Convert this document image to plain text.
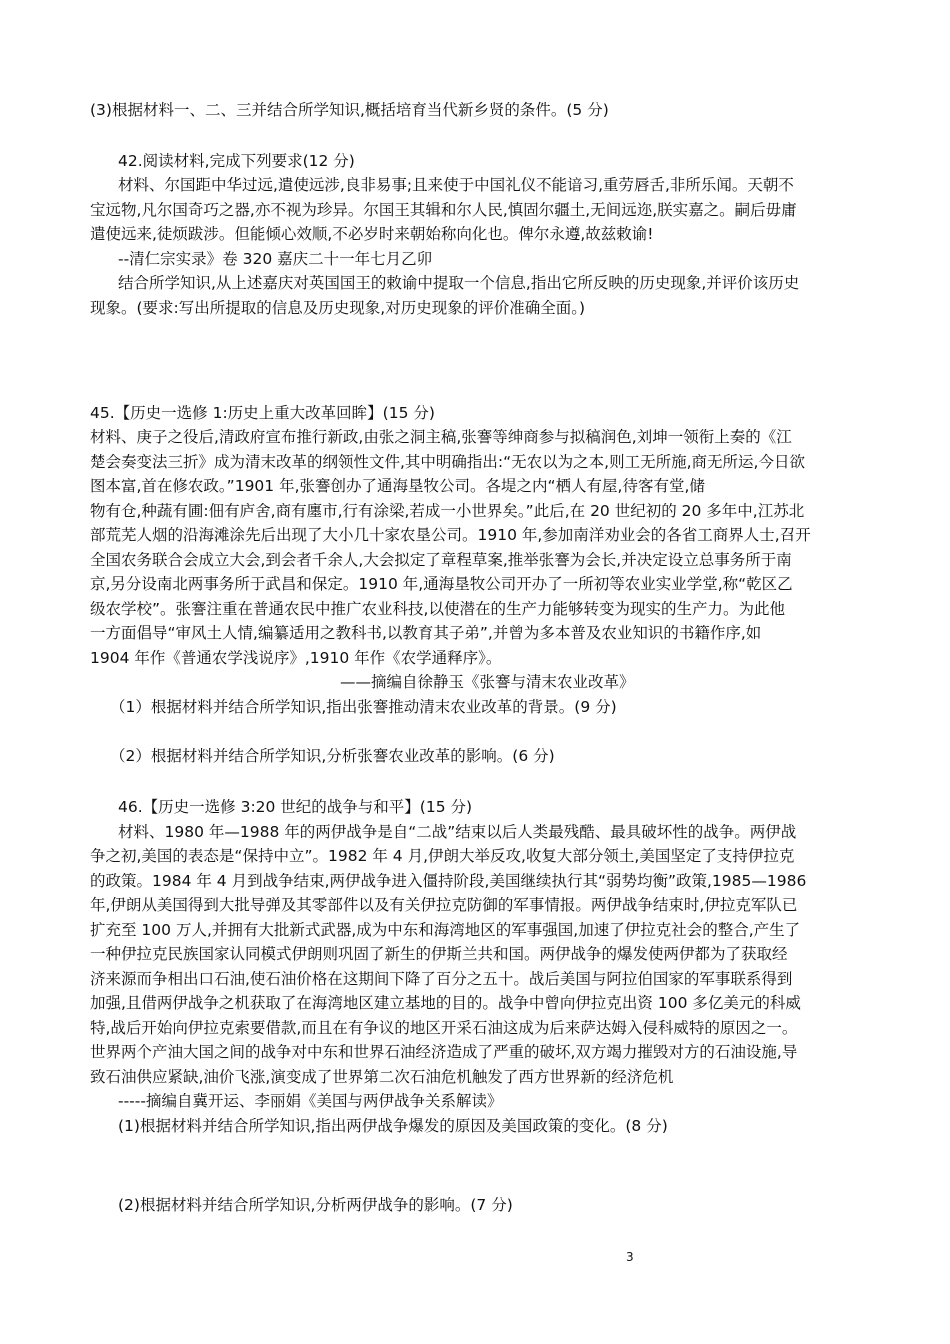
(3)根据材料一、二、三并结合所学知识,概括培育当代新乡贤的条件。(5 分)
42.阅读材料,完成下列要求(12 分)
材料、尔国距中华过远,遣使远涉,良非易事;且来使于中国礼仪不能谙习,重劳唇舌,非所乐闻。天朝不
宝远物,凡尔国奇巧之器,亦不视为珍异。尔国王其辑和尔人民,慎固尔疆土,无间远迩,朕实嘉之。嗣后毋庸
遣使远来,徒烦跋涉。但能倾心效顺,不必岁时来朝始称向化也。俾尔永遵,故兹敕谕!
--清仁宗实录》卷 320 嘉庆二十一年七月乙卯
结合所学知识,从上述嘉庆对英国国王的敕谕中提取一个信息,指出它所反映的历史现象,并评价该历史
现象。(要求:写出所提取的信息及历史现象,对历史现象的评价准确全面。)
45.【历史一选修 1:历史上重大改革回眸】(15 分)
材料、庚子之役后,清政府宣布推行新政,由张之洞主稿,张謇等绅商参与拟稿润色,刘坤一领衔上奏的《江
楚会奏变法三折》成为清末改革的纲领性文件,其中明确指出:“无农以为之本,则工无所施,商无所运,今日欲
图本富,首在修农政。”1901 年,张謇创办了通海垦牧公司。各堤之内“栖人有屋,待客有堂,储
物有仓,种蔬有圃:佃有庐舍,商有廛市,行有涂梁,若成一小世界矣。”此后,在 20 世纪初的 20 多年中,江苏北
部荒芜人烟的沿海滩涂先后出现了大小几十家农垦公司。1910 年,参加南洋劝业会的各省工商界人士,召开
全国农务联合会成立大会,到会者千余人,大会拟定了章程草案,推举张謇为会长,并决定设立总事务所于南
京,另分设南北两事务所于武昌和保定。1910 年,通海垦牧公司开办了一所初等农业实业学堂,称“乾区乙
级农学校”。张謇注重在普通农民中推广农业科技,以使潜在的生产力能够转变为现实的生产力。为此他
一方面倡导“审风土人情,编纂适用之教科书,以教育其子弟”,并曾为多本普及农业知识的书籍作序,如
1904 年作《普通农学浅说序》,1910 年作《农学通释序》。
——摘编自徐静玉《张謇与清末农业改革》
（1）根据材料并结合所学知识,指出张謇推动清末农业改革的背景。(9 分)
（2）根据材料并结合所学知识,分析张謇农业改革的影响。(6 分)
46.【历史一选修 3:20 世纪的战争与和平】(15 分)
材料、1980 年—1988 年的两伊战争是自“二战”结束以后人类最残酷、最具破坏性的战争。两伊战
争之初,美国的表态是“保持中立”。1982 年 4 月,伊朗大举反攻,收复大部分领土,美国坚定了支持伊拉克
的政策。1984 年 4 月到战争结束,两伊战争进入僵持阶段,美国继续执行其“弱势均衡”政策,1985—1986
年,伊朗从美国得到大批导弹及其零部件以及有关伊拉克防御的军事情报。两伊战争结束时,伊拉克军队已
扩充至 100 万人,并拥有大批新式武器,成为中东和海湾地区的军事强国,加速了伊拉克社会的整合,产生了
一种伊拉克民族国家认同模式伊朗则巩固了新生的伊斯兰共和国。两伊战争的爆发使两伊都为了获取经
济来源而争相出口石油,使石油价格在这期间下降了百分之五十。战后美国与阿拉伯国家的军事联系得到
加强,且借两伊战争之机获取了在海湾地区建立基地的目的。战争中曾向伊拉克出资 100 多亿美元的科威
特,战后开始向伊拉克索要借款,而且在有争议的地区开采石油这成为后来萨达姆入侵科威特的原因之一。
世界两个产油大国之间的战争对中东和世界石油经济造成了严重的破坏,双方竭力摧毁对方的石油设施,导
致石油供应紧缺,油价飞涨,演变成了世界第二次石油危机触发了西方世界新的经济危机
-----摘编自冀开运、李丽娟《美国与两伊战争关系解读》
(1)根据材料并结合所学知识,指出两伊战争爆发的原因及美国政策的变化。(8 分)
(2)根据材料并结合所学知识,分析两伊战争的影响。(7 分)
3
